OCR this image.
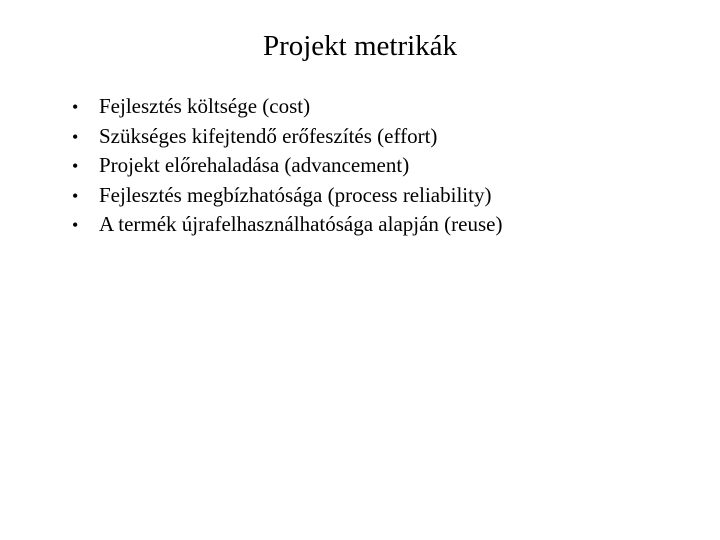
Projekt metrikák
• Fejlesztés költsége (cost)
• Szükséges kifejtendő erőfeszítés (effort)
• Projekt előrehaladása (advancement)
• Fejlesztés megbízhatósága (process reliability)
• A termék újrafelhasználhatósága alapján (reuse)
